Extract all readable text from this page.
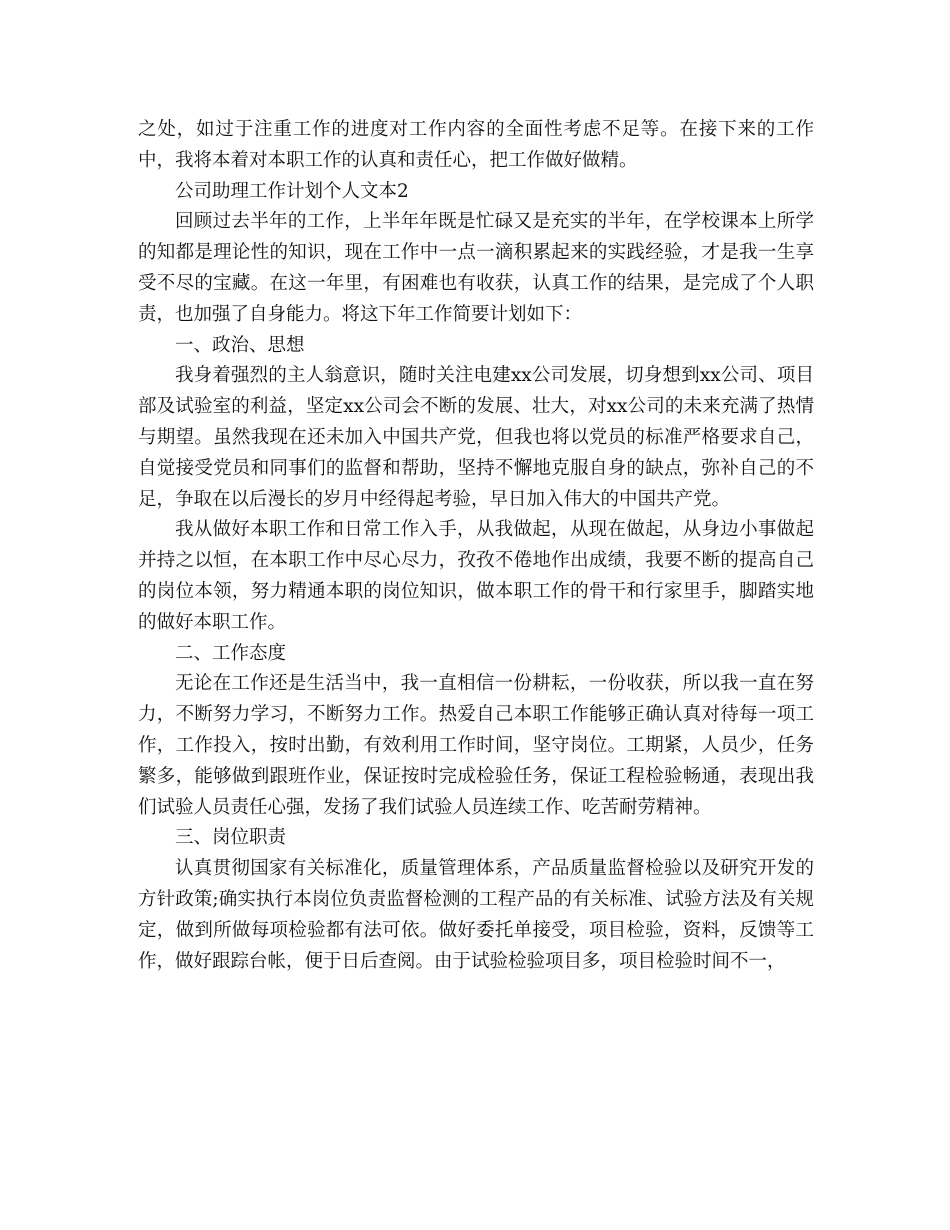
之处，如过于注重工作的进度对工作内容的全面性考虑不足等。在接下来的工作中，我将本着对本职工作的认真和责任心，把工作做好做精。

公司助理工作计划个人文本2

回顾过去半年的工作，上半年年既是忙碌又是充实的半年，在学校课本上所学的知都是理论性的知识，现在工作中一点一滴积累起来的实践经验，才是我一生享受不尽的宝藏。在这一年里，有困难也有收获，认真工作的结果，是完成了个人职责，也加强了自身能力。将这下年工作简要计划如下：

一、政治、思想

我身着强烈的主人翁意识，随时关注电建xx公司发展，切身想到xx公司、项目部及试验室的利益，坚定xx公司会不断的发展、壮大，对xx公司的未来充满了热情与期望。虽然我现在还未加入中国共产党，但我也将以党员的标准严格要求自己，自觉接受党员和同事们的监督和帮助，坚持不懈地克服自身的缺点，弥补自己的不足，争取在以后漫长的岁月中经得起考验，早日加入伟大的中国共产党。

我从做好本职工作和日常工作入手，从我做起，从现在做起，从身边小事做起并持之以恒，在本职工作中尽心尽力，孜孜不倦地作出成绩，我要不断的提高自己的岗位本领，努力精通本职的岗位知识，做本职工作的骨干和行家里手，脚踏实地的做好本职工作。

二、工作态度

无论在工作还是生活当中，我一直相信一份耕耘，一份收获，所以我一直在努力，不断努力学习，不断努力工作。热爱自己本职工作能够正确认真对待每一项工作，工作投入，按时出勤，有效利用工作时间，坚守岗位。工期紧，人员少，任务繁多，能够做到跟班作业，保证按时完成检验任务，保证工程检验畅通，表现出我们试验人员责任心强，发扬了我们试验人员连续工作、吃苦耐劳精神。

三、岗位职责

认真贯彻国家有关标准化，质量管理体系，产品质量监督检验以及研究开发的方针政策;确实执行本岗位负责监督检测的工程产品的有关标准、试验方法及有关规定，做到所做每项检验都有法可依。做好委托单接受，项目检验，资料，反馈等工作，做好跟踪台帐，便于日后查阅。由于试验检验项目多，项目检验时间不一，
